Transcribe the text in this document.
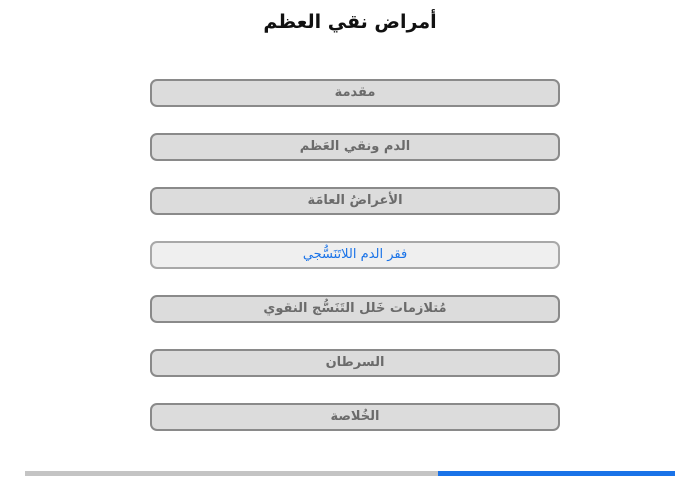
أمراض نقي العظم
مقدمة
الدم ونقي العَظم
الأعراضُ العامَة
فقر الدم اللاتَنَسُّجي
مُتلازمات خَلل التَنَسُّج النقوي
السرطان
الخُلاصة
